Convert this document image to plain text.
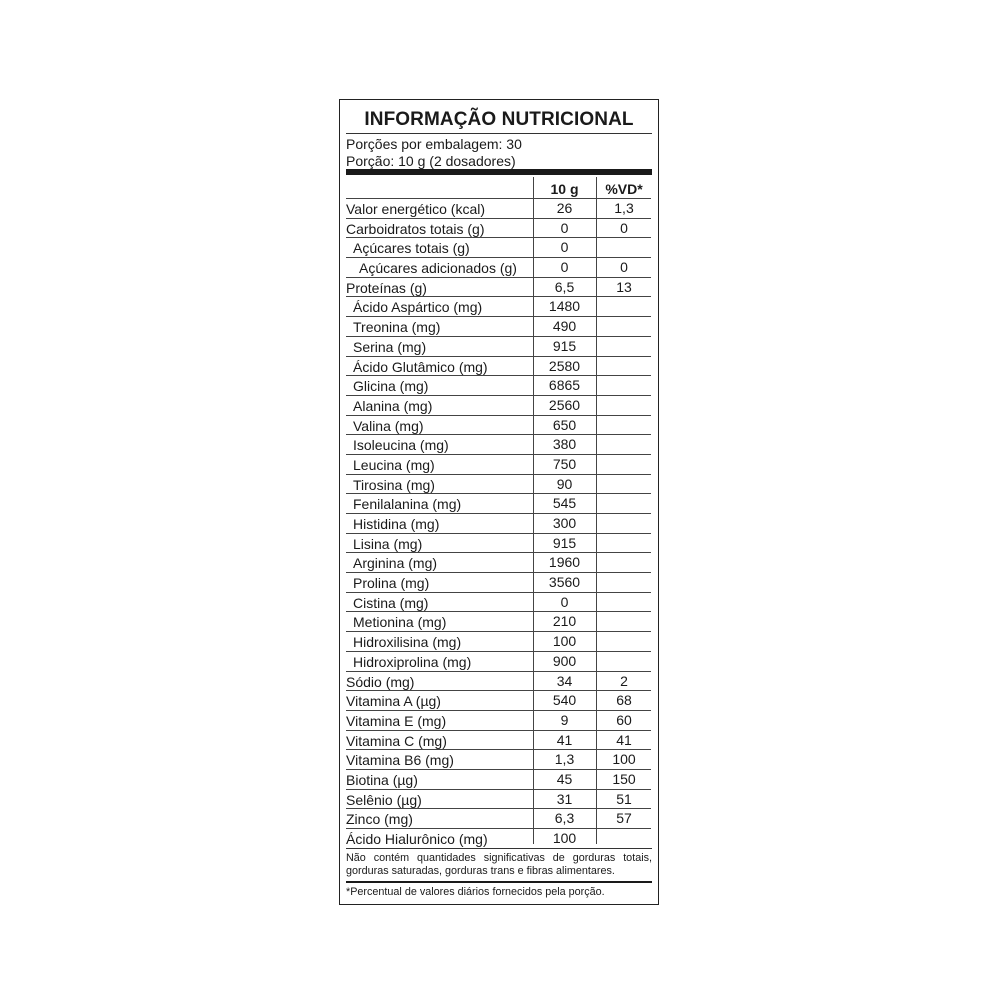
INFORMAÇÃO NUTRICIONAL
Porções por embalagem: 30
Porção: 10 g (2 dosadores)
10 g	%VD*
Valor energético (kcal)	26	1,3
Carboidratos totais (g)	0	0
Açúcares totais (g)	0
Açúcares adicionados (g)	0	0
Proteínas (g)	6,5	13
Ácido Aspártico (mg)	1480
Treonina (mg)	490
Serina (mg)	915
Ácido Glutâmico (mg)	2580
Glicina (mg)	6865
Alanina (mg)	2560
Valina (mg)	650
Isoleucina (mg)	380
Leucina (mg)	750
Tirosina (mg)	90
Fenilalanina (mg)	545
Histidina (mg)	300
Lisina (mg)	915
Arginina (mg)	1960
Prolina (mg)	3560
Cistina (mg)	0
Metionina (mg)	210
Hidroxilisina (mg)	100
Hidroxiprolina (mg)	900
Sódio (mg)	34	2
Vitamina A (µg)	540	68
Vitamina E (mg)	9	60
Vitamina C (mg)	41	41
Vitamina B6 (mg)	1,3	100
Biotina (µg)	45	150
Selênio (µg)	31	51
Zinco (mg)	6,3	57
Ácido Hialurônico (mg)	100
Não contém quantidades significativas de gorduras totais, gorduras saturadas, gorduras trans e fibras alimentares.
*Percentual de valores diários fornecidos pela porção.
